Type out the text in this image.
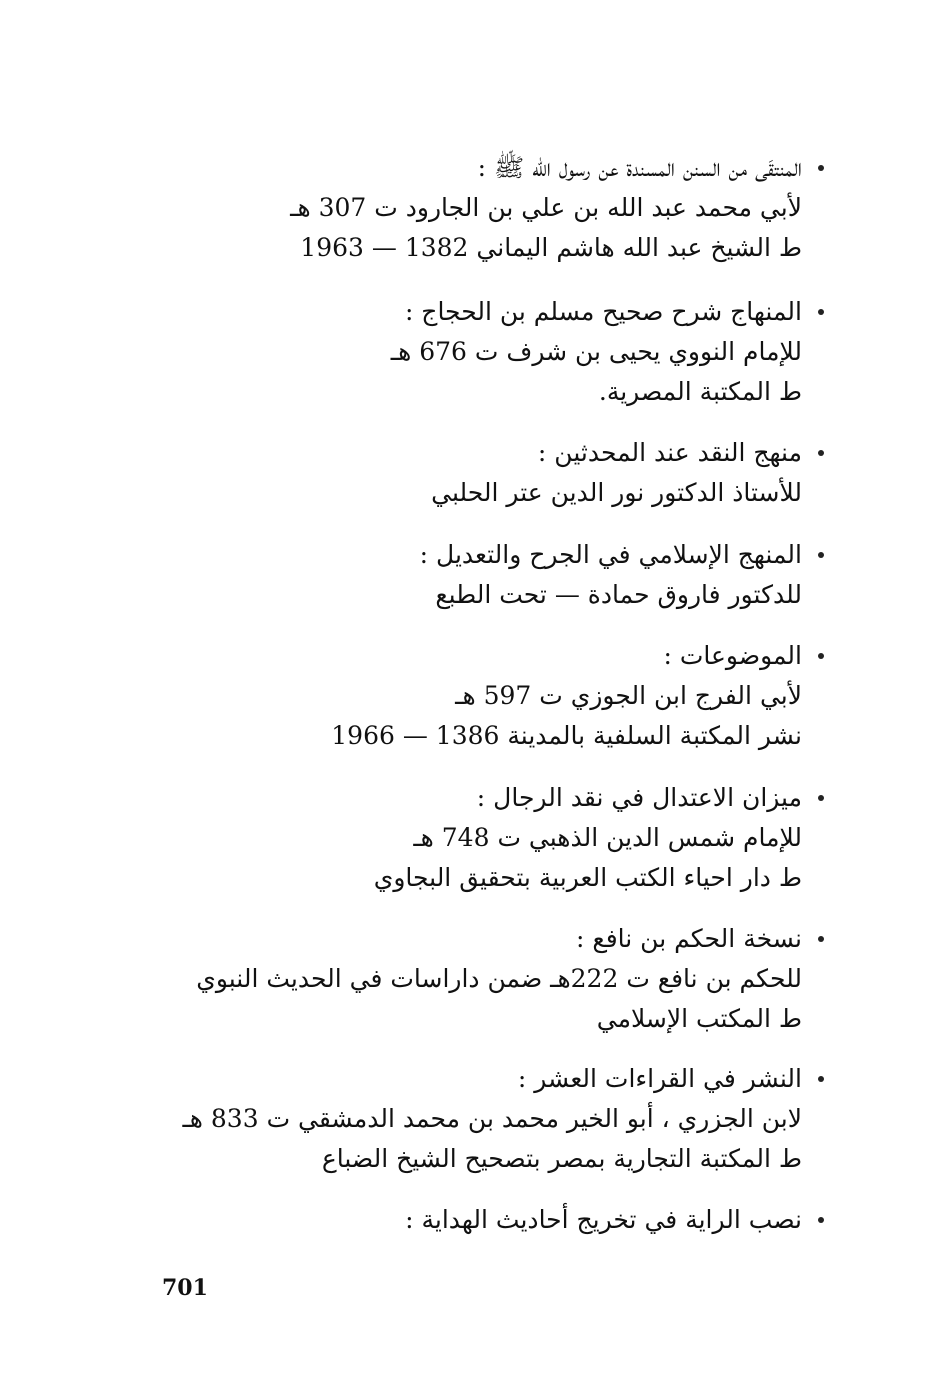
المنتقَى من السنن المسندة عن رسول الله ﷺ :
لأبي محمد عبد الله بن علي بن الجارود ت 307 هـ
ط الشيخ عبد الله هاشم اليماني 1382 — 1963
المنهاج شرح صحيح مسلم بن الحجاج :
للإمام النووي يحيى بن شرف ت 676 هـ
ط المكتبة المصرية.
منهج النقد عند المحدثين :
للأستاذ الدكتور نور الدين عتر الحلبي
المنهج الإسلامي في الجرح والتعديل :
للدكتور فاروق حمادة — تحت الطبع
الموضوعات :
لأبي الفرج ابن الجوزي ت 597 هـ
نشر المكتبة السلفية بالمدينة 1386 — 1966
ميزان الاعتدال في نقد الرجال :
للإمام شمس الدين الذهبي ت 748 هـ
ط دار احياء الكتب العربية بتحقيق البجاوي
نسخة الحكم بن نافع :
للحكم بن نافع ت 222هـ ضمن داراسات في الحديث النبوي
ط المكتب الإسلامي
النشر في القراءات العشر :
لابن الجزري ، أبو الخير محمد بن محمد الدمشقي ت 833 هـ
ط المكتبة التجارية بمصر بتصحيح الشيخ الضباع
نصب الراية في تخريج أحاديث الهداية :
701
